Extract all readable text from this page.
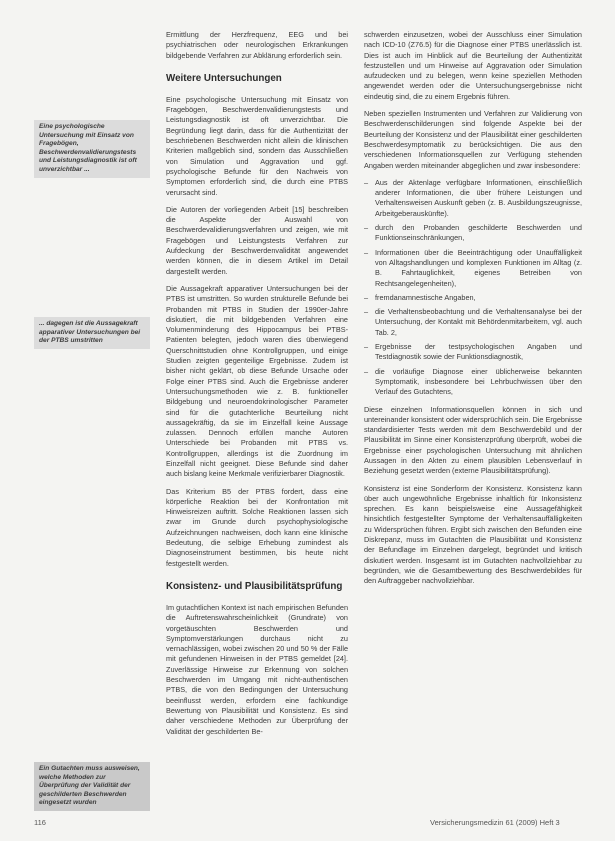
Eine psychologische Untersuchung mit Einsatz von Fragebögen, Beschwerdenvalidierungstests und Leistungsdiagnostik ist oft unverzichtbar ...
... dagegen ist die Aussagekraft apparativer Untersuchungen bei der PTBS umstritten
Ein Gutachten muss ausweisen, welche Methoden zur Überprüfung der Validität der geschilderten Beschwerden eingesetzt wurden

Ermittlung der Herzfrequenz, EEG und bei psychiatrischen oder neurologischen Erkrankungen bildgebende Verfahren zur Abklärung erforderlich sein.

Weitere Untersuchungen

Eine psychologische Untersuchung mit Einsatz von Fragebögen, Beschwerdenvalidierungstests und Leistungsdiagnostik ist oft unverzichtbar. Die Begründung liegt darin, dass für die Authentizität der beschriebenen Beschwerden nicht allein die klinischen Kriterien maßgeblich sind, sondern das Ausschließen von Simulation und Aggravation und ggf. psychologische Befunde für den Nachweis von Symptomen erforderlich sind, die durch eine PTBS verursacht sind.

Die Autoren der vorliegenden Arbeit [15] beschreiben die Aspekte der Auswahl von Beschwerdevalidierungsverfahren und zeigen, wie mit Fragebögen und Leistungstests Verfahren zur Aufdeckung der Beschwerdenvalidität angewendet werden können, die in diesem Artikel im Detail dargestellt werden.

Die Aussagekraft apparativer Untersuchungen bei der PTBS ist umstritten. So wurden strukturelle Befunde bei Probanden mit PTBS in Studien der 1990er-Jahre diskutiert, die mit bildgebenden Verfahren eine Volumenminderung des Hippocampus bei PTBS-Patienten belegten, jedoch waren dies überwiegend Querschnittstudien ohne Kontrollgruppen, und einige Studien zeigten gegenteilige Ergebnisse. Zudem ist bisher nicht geklärt, ob diese Befunde Ursache oder Folge einer PTBS sind. Auch die Ergebnisse anderer Untersuchungsmethoden wie z. B. funktioneller Bildgebung und neuroendokrinologischer Parameter sind für die gutachterliche Beurteilung nicht aussagekräftig, da sie im Einzelfall keine Aussage zulassen. Dennoch erfüllen manche Autoren Unterschiede bei Probanden mit PTBS vs. Kontrollgruppen, allerdings ist die Zuordnung im Einzelfall nicht geeignet. Diese Befunde sind daher auch bislang keine Merkmale verifizierbarer Diagnostik.

Das Kriterium B5 der PTBS fordert, dass eine körperliche Reaktion bei der Konfrontation mit Hinweisreizen auftritt. Solche Reaktionen lassen sich zwar im Grunde durch psychophysiologische Aufzeichnungen nachweisen, doch kann eine klinische Bedeutung, die selbige Erhebung zumindest als Diagnoseinstrument bestimmen, bis heute nicht festgestellt werden.

Konsistenz- und Plausibilitätsprüfung

Im gutachtlichen Kontext ist nach empirischen Befunden die Auftretenswahrscheinlichkeit (Grundrate) von vorgetäuschten Beschwerden und Symptomverstärkungen durchaus nicht zu vernachlässigen, wobei zwischen 20 und 50 % der Fälle mit gefundenen Hinweisen in der PTBS gemeldet [24]. Zuverlässige Hinweise zur Erkennung von solchen Beschwerden im Umgang mit nicht-authentischen PTBS, die von den Bedingungen der Untersuchung beeinflusst werden, erfordern eine fachkundige Bewertung von Plausibilität und Konsistenz. Es sind daher verschiedene Methoden zur Überprüfung der Validität der geschilderten Be-

schwerden einzusetzen, wobei der Ausschluss einer Simulation nach ICD-10 (Z76.5) für die Diagnose einer PTBS unerlässlich ist. Dies ist auch im Hinblick auf die Beurteilung der Authentizität festzustellen und um Hinweise auf Aggravation oder Simulation aufzudecken und zu belegen, wenn keine speziellen Methoden angewendet werden oder die Untersuchungsergebnisse nicht eindeutig sind, die zu einem Ergebnis führen.

Neben speziellen Instrumenten und Verfahren zur Validierung von Beschwerdenschilderungen sind folgende Aspekte bei der Beurteilung der Konsistenz und der Plausibilität einer geschilderten Beschwerdesymptomatik zu berücksichtigen. Die aus den verschiedenen Informationsquellen zur Verfügung stehenden Angaben werden miteinander abgeglichen und zwar insbesondere:

– Aus der Aktenlage verfügbare Informationen, einschließlich anderer Informationen, die über frühere Leistungen und Verhaltensweisen Auskunft geben (z. B. Ausbildungszeugnisse, Arbeitgeberauskünfte).
– durch den Probanden geschilderte Beschwerden und Funktionseinschränkungen,
– Informationen über die Beeinträchtigung oder Unauffälligkeit von Alltagshandlungen und komplexen Funktionen im Alltag (z. B. Fahrtauglichkeit, eigenes Betreiben von Rechtsangelegenheiten),
– fremdanamnestische Angaben,
– die Verhaltensbeobachtung und die Verhaltensanalyse bei der Untersuchung, der Kontakt mit Behördenmitarbeitern, vgl. auch Tab. 2,
– Ergebnisse der testpsychologischen Angaben und Testdiagnostik sowie der Funktionsdiagnostik,
– die vorläufige Diagnose einer üblicherweise bekannten Symptomatik, insbesondere bei Lehrbuchwissen über den Verlauf des Gutachtens,

Diese einzelnen Informationsquellen können in sich und untereinander konsistent oder widersprüchlich sein. Die Ergebnisse standardisierter Tests werden mit dem Beschwerdebild und der Plausibilität im Sinne einer Konsistenzprüfung überprüft, wobei die Ergebnisse einer psychologischen Untersuchung mit ähnlichen Aussagen in den Akten zu einem plausiblen Lebensverlauf in Beziehung gesetzt werden (externe Plausibilitätsprüfung).

Konsistenz ist eine Sonderform der Konsistenz. Konsistenz kann über auch ungewöhnliche Ergebnisse inhaltlich für Inkonsistenz sprechen. Es kann beispielsweise eine Aussagefähigkeit hinsichtlich festgestellter Symptome der Verhaltensauffälligkeiten zu Widersprüchen führen. Ergibt sich zwischen den Befunden eine Diskrepanz, muss im Gutachten die Plausibilität und Konsistenz der Befundlage im Einzelnen dargelegt, begründet und kritisch diskutiert werden. Insgesamt ist im Gutachten nachvollziehbar zu begründen, wie die Gesamtbewertung des Beschwerdebildes für den Auftraggeber nachvollziehbar.

116	Versicherungsmedizin 61 (2009) Heft 3
